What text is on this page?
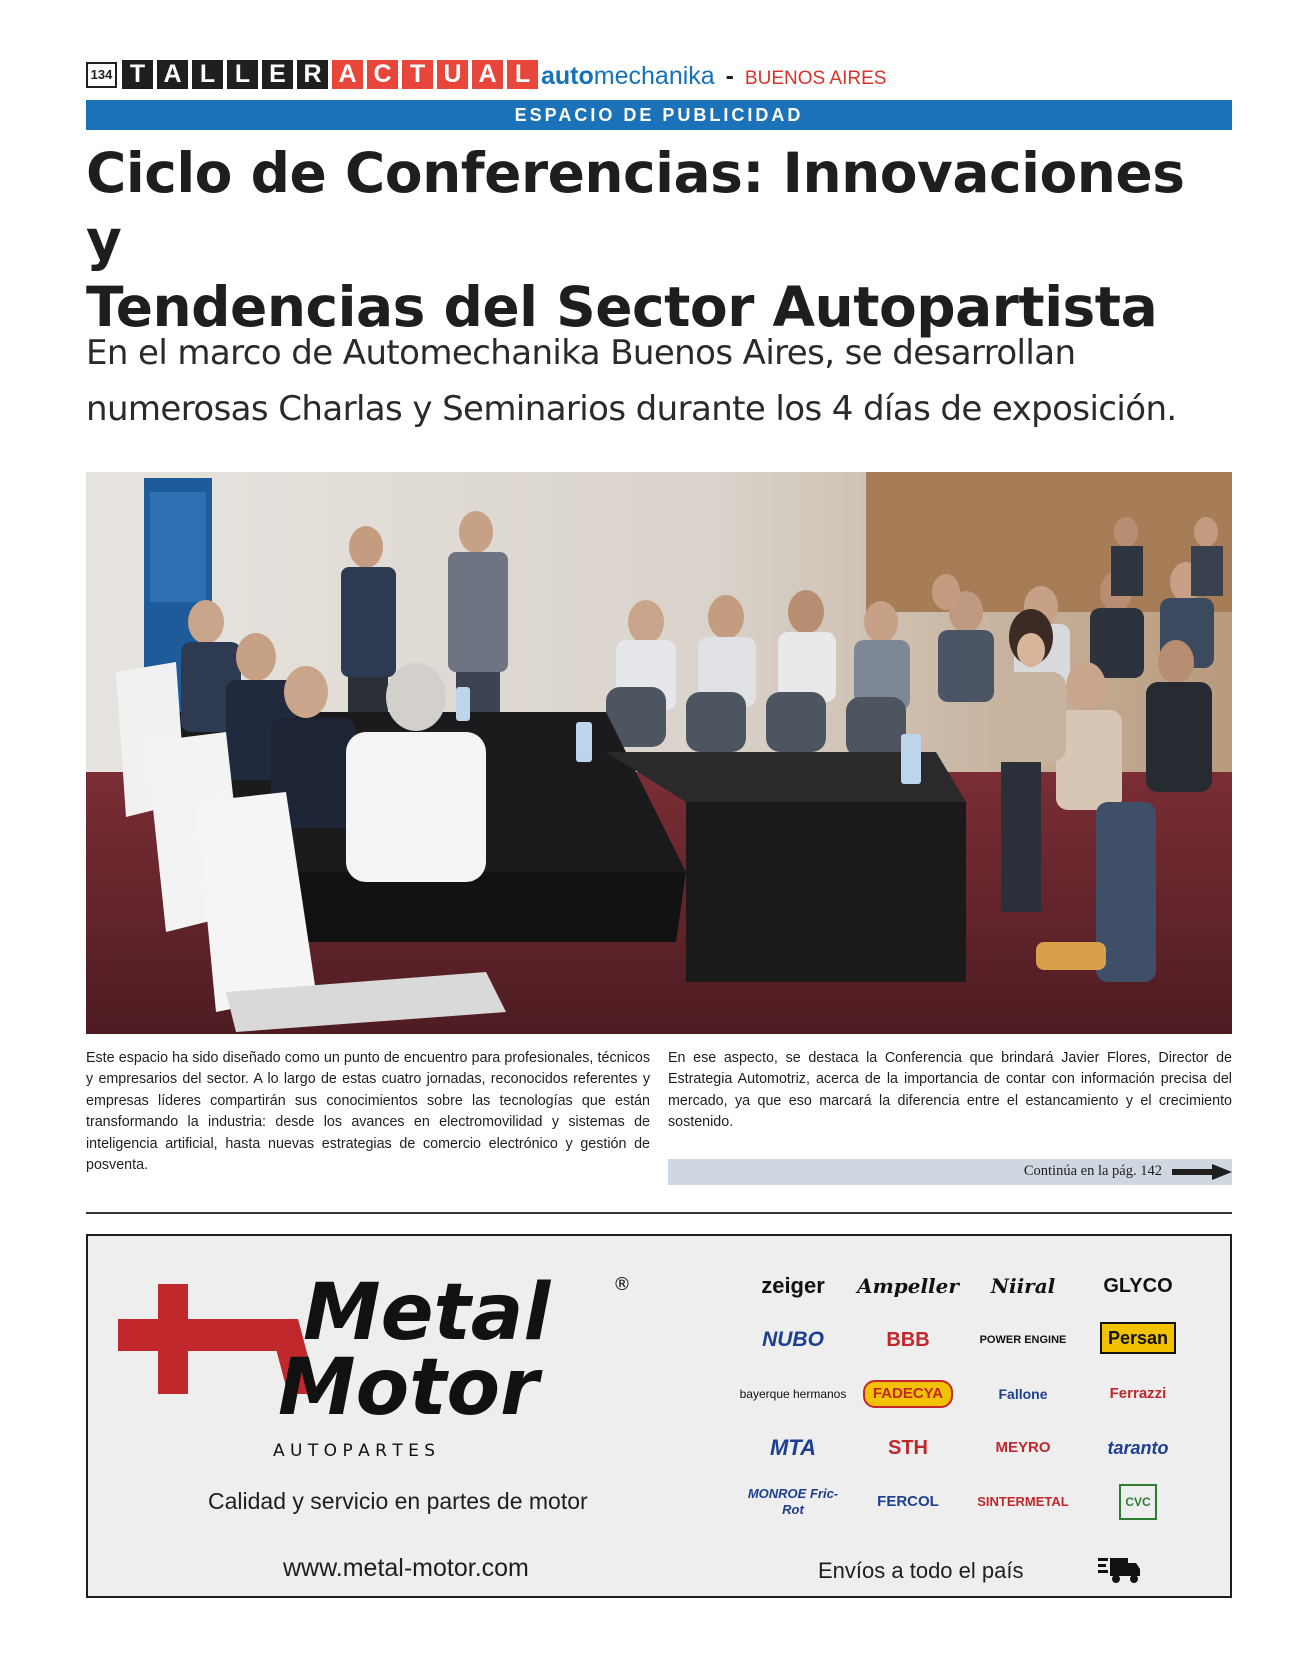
134 T A L L E R A C T U A L automechanika - BUENOS AIRES
ESPACIO DE PUBLICIDAD
Ciclo de Conferencias: Innovaciones y
Tendencias del Sector Autopartista
En el marco de Automechanika Buenos Aires, se desarrollan
numerosas Charlas y Seminarios durante los 4 días de exposición.
Este espacio ha sido diseñado como un punto de encuentro para profesionales, técnicos y empresarios del sector. A lo largo de estas cuatro jornadas, reconocidos referentes y empresas líderes compartirán sus conocimientos sobre las tecnologías que están transformando la industria: desde los avances en electromovilidad y sistemas de inteligencia artificial, hasta nuevas estrategias de comercio electrónico y gestión de posventa.
En ese aspecto, se destaca la Conferencia que brindará Javier Flores, Director de Estrategia Automotriz, acerca de la importancia de contar con información precisa del mercado, ya que eso marcará la diferencia entre el estancamiento y el crecimiento sostenido.
Continúa en la pág. 142
Metal
Motor
®
A U T O P A R T E S
Calidad y servicio en partes de motor
www.metal-motor.com
zeiger	Ampeller	Niiral	GLYCO
NUBO	BBB	POWER ENGINE	Persan
bayerque hermanos	FADECYA	Fallone	Ferrazzi
MTA	STH	MEYRO	taranto
MONROE Fric-Rot	FERCOL	SINTERMETAL	CVC
Envíos a todo el país
